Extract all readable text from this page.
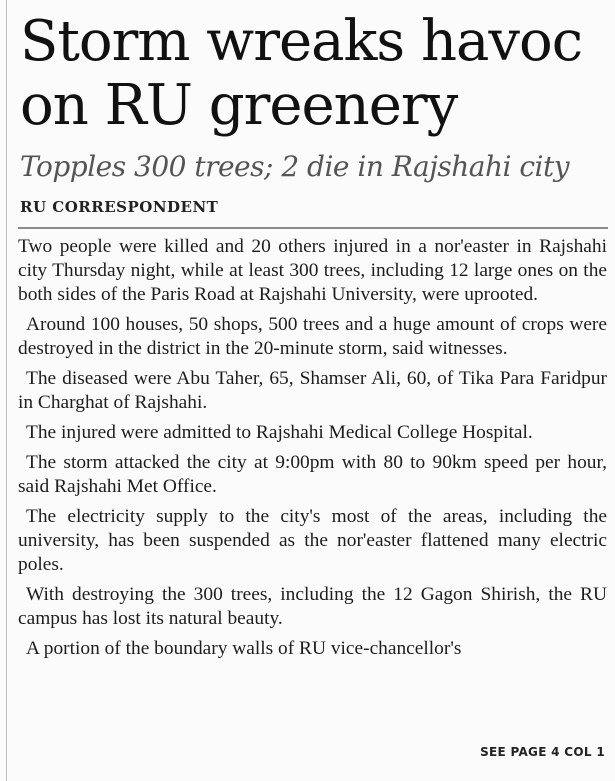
Storm wreaks havoc on RU greenery
Topples 300 trees; 2 die in Rajshahi city
RU CORRESPONDENT

Two people were killed and 20 others injured in a nor'easter in Rajshahi city Thursday night, while at least 300 trees, including 12 large ones on the both sides of the Paris Road at Rajshahi University, were uprooted.

Around 100 houses, 50 shops, 500 trees and a huge amount of crops were destroyed in the district in the 20-minute storm, said witnesses.

The diseased were Abu Taher, 65, Shamser Ali, 60, of Tika Para Faridpur in Charghat of Rajshahi.

The injured were admitted to Rajshahi Medical College Hospital.

The storm attacked the city at 9:00pm with 80 to 90km speed per hour, said Rajshahi Met Office.

The electricity supply to the city's most of the areas, including the university, has been suspended as the nor'easter flattened many electric poles.

With destroying the 300 trees, including the 12 Gagon Shirish, the RU campus has lost its natural beauty.

A portion of the boundary walls of RU vice-chancellor's

SEE PAGE 4 COL 1
